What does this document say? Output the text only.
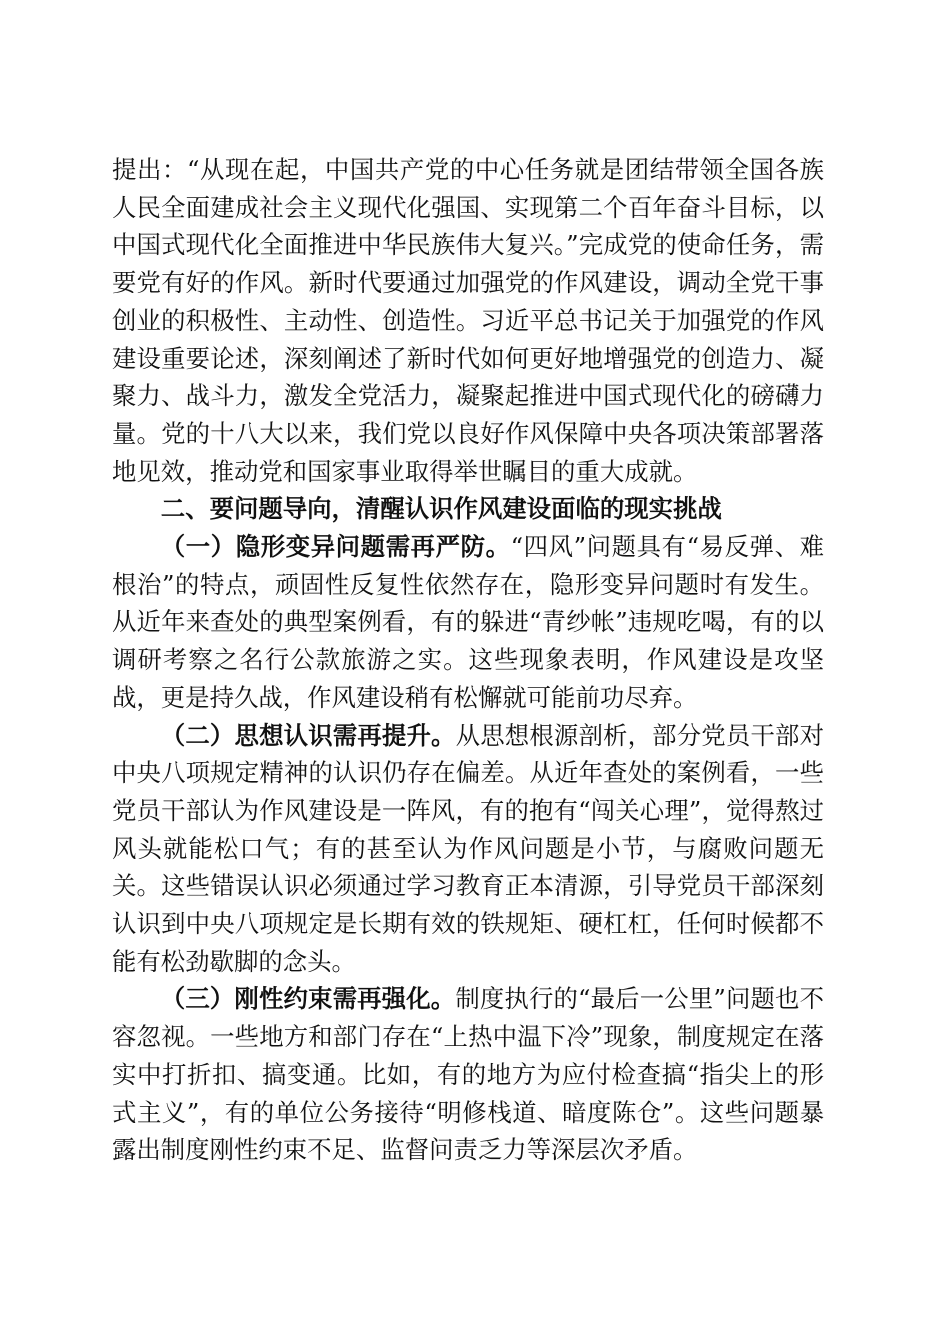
提出：“从现在起，中国共产党的中心任务就是团结带领全国各族人民全面建成社会主义现代化强国、实现第二个百年奋斗目标，以中国式现代化全面推进中华民族伟大复兴。”完成党的使命任务，需要党有好的作风。新时代要通过加强党的作风建设，调动全党干事创业的积极性、主动性、创造性。习近平总书记关于加强党的作风建设重要论述，深刻阐述了新时代如何更好地增强党的创造力、凝聚力、战斗力，激发全党活力，凝聚起推进中国式现代化的磅礴力量。党的十八大以来，我们党以良好作风保障中央各项决策部署落地见效，推动党和国家事业取得举世瞩目的重大成就。

二、要问题导向，清醒认识作风建设面临的现实挑战

（一）隐形变异问题需再严防。“四风”问题具有“易反弹、难根治”的特点，顽固性反复性依然存在，隐形变异问题时有发生。从近年来查处的典型案例看，有的躲进“青纱帐”违规吃喝，有的以调研考察之名行公款旅游之实。这些现象表明，作风建设是攻坚战，更是持久战，作风建设稍有松懈就可能前功尽弃。

（二）思想认识需再提升。从思想根源剖析，部分党员干部对中央八项规定精神的认识仍存在偏差。从近年查处的案例看，一些党员干部认为作风建设是一阵风，有的抱有“闯关心理”，觉得熬过风头就能松口气；有的甚至认为作风问题是小节，与腐败问题无关。这些错误认识必须通过学习教育正本清源，引导党员干部深刻认识到中央八项规定是长期有效的铁规矩、硬杠杠，任何时候都不能有松劲歇脚的念头。

（三）刚性约束需再强化。制度执行的“最后一公里”问题也不容忽视。一些地方和部门存在“上热中温下冷”现象，制度规定在落实中打折扣、搞变通。比如，有的地方为应付检查搞“指尖上的形式主义”，有的单位公务接待“明修栈道、暗度陈仓”。这些问题暴露出制度刚性约束不足、监督问责乏力等深层次矛盾。
